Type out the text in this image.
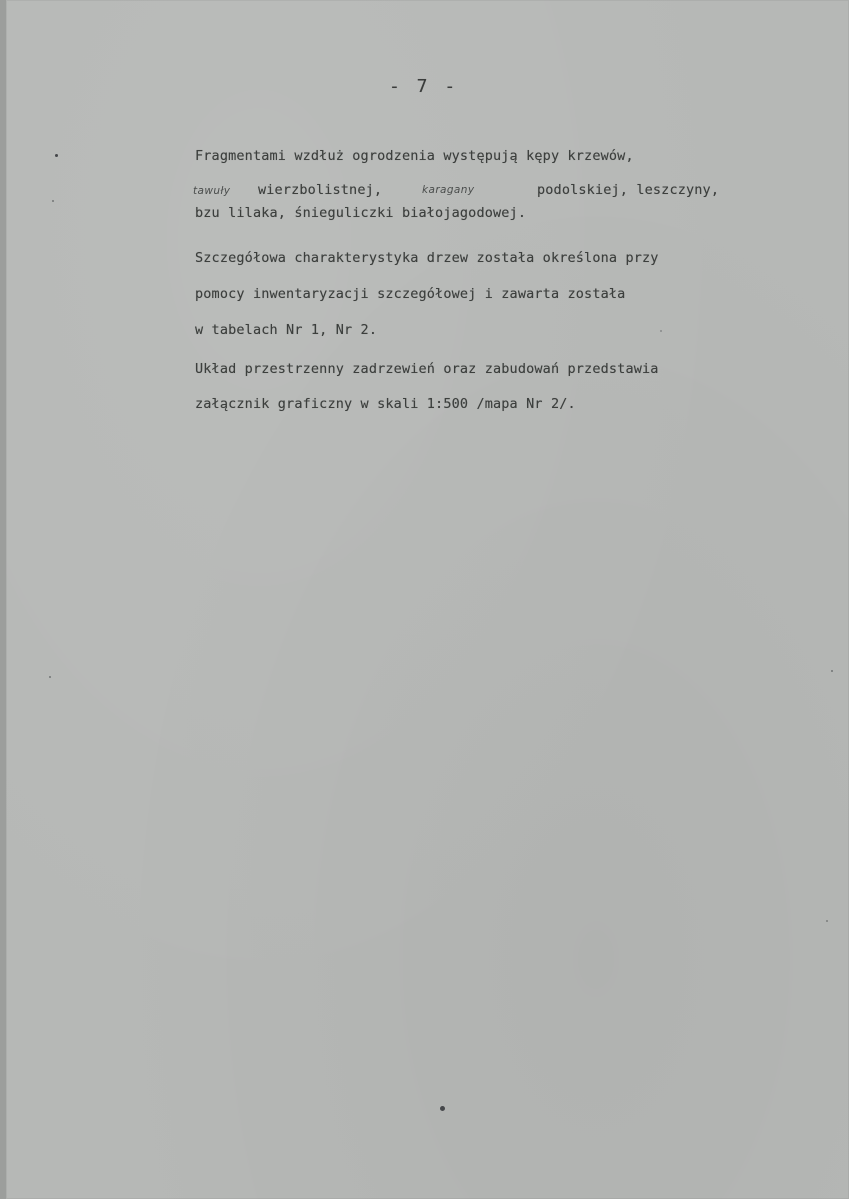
- 7 -
Fragmentami wzdłuż ogrodzenia występują kępy krzewów,
tawuły wierzbolistnej,	karagany	podolskiej, leszczyny,
bzu lilaka, śnieguliczki białojagodowej.
Szczegółowa charakterystyka drzew została określona przy
pomocy inwentaryzacji szczegółowej i zawarta została
w tabelach Nr 1, Nr 2.
Układ przestrzenny zadrzewień oraz zabudowań przedstawia
załącznik graficzny w skali 1:500 /mapa Nr 2/.
